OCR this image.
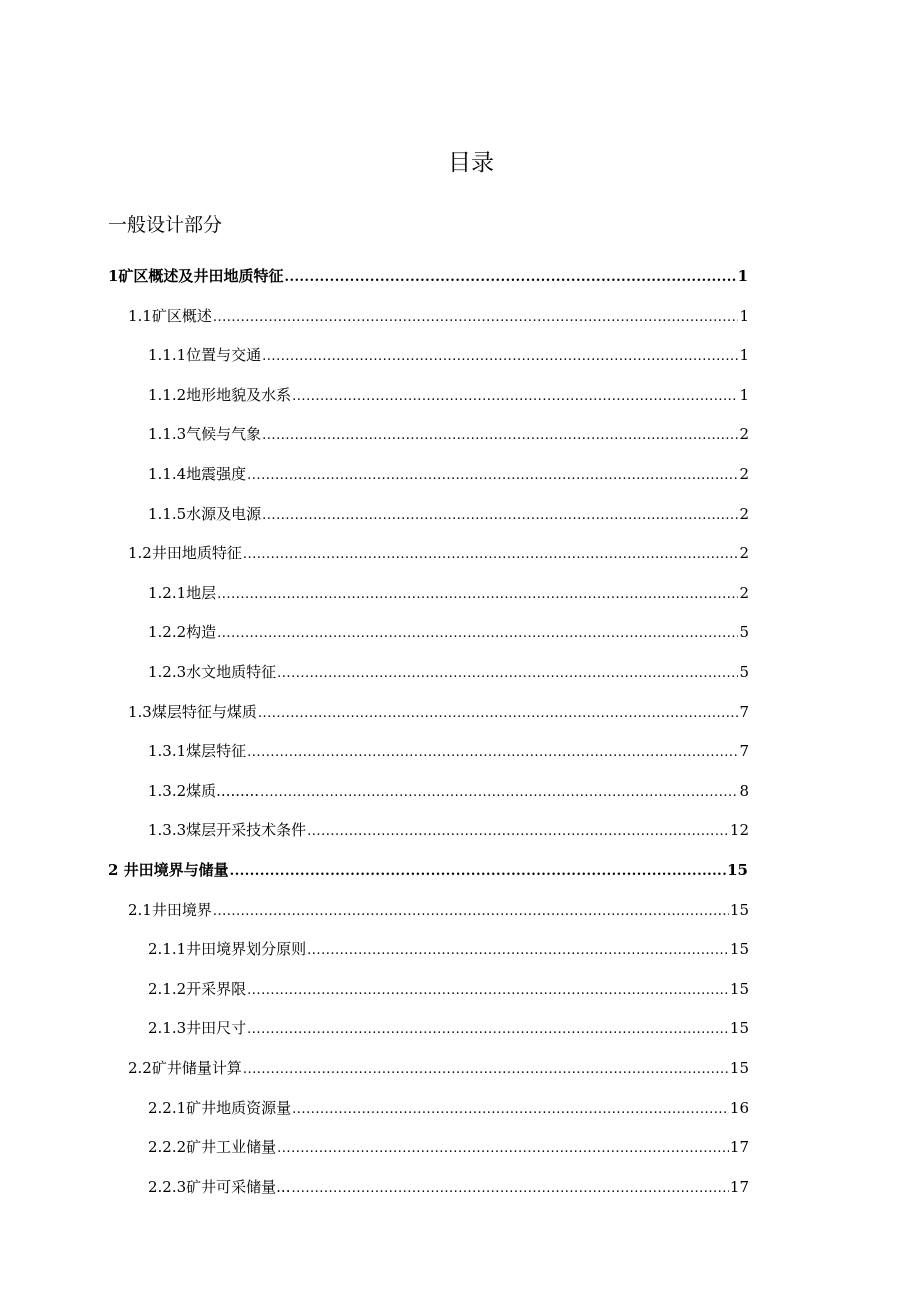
目录
一般设计部分
1矿区概述及井田地质特征 .....	1
1.1矿区概述 .....	1
1.1.1位置与交通 .....	1
1.1.2地形地貌及水系 .....	1
1.1.3气候与气象 .....	2
1.1.4地震强度 .....	2
1.1.5水源及电源 .....	2
1.2井田地质特征 .....	2
1.2.1地层 .....	2
1.2.2构造 .....	5
1.2.3水文地质特征 .....	5
1.3煤层特征与煤质 .....	7
1.3.1煤层特征 .....	7
1.3.2煤质......... .....	8
1.3.3煤层开采技术条件 .....	12
2 井田境界与储量 .....	15
2.1井田境界 .....	15
2.1.1井田境界划分原则 .....	15
2.1.2开采界限 .....	15
2.1.3井田尺寸 .....	15
2.2矿井储量计算 .....	15
2.2.1矿井地质资源量 .....	16
2.2.2矿井工业储量 .....	17
2.2.3矿井可采储量... .....	17
